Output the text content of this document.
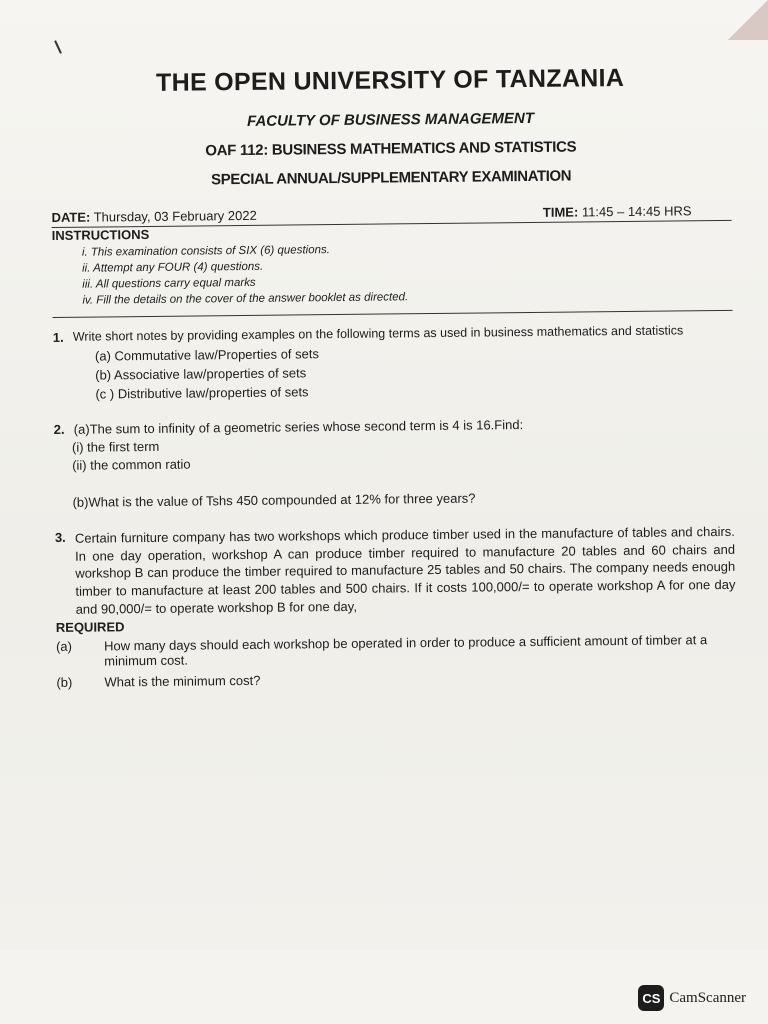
THE OPEN UNIVERSITY OF TANZANIA
FACULTY OF BUSINESS MANAGEMENT
OAF 112: BUSINESS MATHEMATICS AND STATISTICS
SPECIAL ANNUAL/SUPPLEMENTARY EXAMINATION
DATE: Thursday, 03 February 2022	TIME: 11:45 – 14:45 HRS
INSTRUCTIONS
i. This examination consists of SIX (6) questions.
ii. Attempt any FOUR (4) questions.
iii. All questions carry equal marks
iv. Fill the details on the cover of the answer booklet as directed.
1. Write short notes by providing examples on the following terms as used in business mathematics and statistics
(a) Commutative law/Properties of sets
(b) Associative law/properties of sets
(c ) Distributive law/properties of sets
2. (a)The sum to infinity of a geometric series whose second term is 4 is 16.Find:
(i) the first term
(ii) the common ratio
(b)What is the value of Tshs 450 compounded at 12% for three years?
3. Certain furniture company has two workshops which produce timber used in the manufacture of tables and chairs. In one day operation, workshop A can produce timber required to manufacture 20 tables and 60 chairs and workshop B can produce the timber required to manufacture 25 tables and 50 chairs. The company needs enough timber to manufacture at least 200 tables and 500 chairs. If it costs 100,000/= to operate workshop A for one day and 90,000/= to operate workshop B for one day,
REQUIRED
(a)	How many days should each workshop be operated in order to produce a sufficient amount of timber at a minimum cost.
(b)	What is the minimum cost?
CS CamScanner
